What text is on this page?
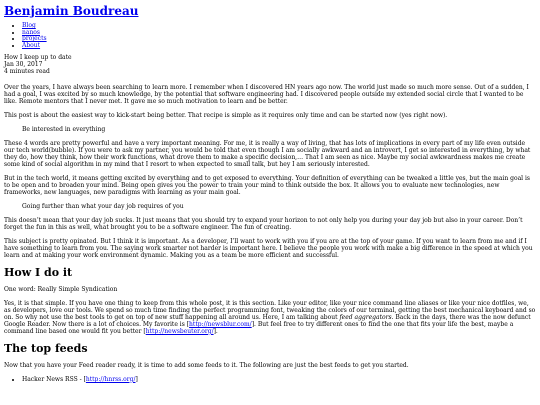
Benjamin Boudreau
• Blog
• nanos
• projects
• About
How I keep up to date
Jan 30, 2017
4 minutes read

Over the years, I have always been searching to learn more. I remember when I discovered HN years ago now. The world just made so much more sense. Out of a sudden, I had a goal, I was excited by so much knowledge, by the potential that software engineering had. I discovered people outside my extended social circle that I wanted to be like. Remote mentors that I never met. It gave me so much motivation to learn and be better.

This post is about the easiest way to kick-start being better. That recipe is simple as it requires only time and can be started now (yes right now).

Be interested in everything

These 4 words are pretty powerful and have a very important meaning. For me, it is really a way of living, that has lots of implications in every part of my life even outside our tech world(bubble). If you were to ask my partner, you would be told that even though I am socially awkward and an introvert, I get so interested in everything, by what they do, how they think, how their work functions, what drove them to make a specific decision,… That I am seen as nice. Maybe my social awkwardness makes me create some kind of social algorithm in my mind that I resort to when expected to small talk, but hey I am seriously interested.

But in the tech world, it means getting excited by everything and to get exposed to everything. Your definition of everything can be tweaked a little yes, but the main goal is to be open and to broaden your mind. Being open gives you the power to train your mind to think outside the box. It allows you to evaluate new technologies, new frameworks, new languages, new paradigms with learning as your main goal.

Going further than what your day job requires of you

This doesn’t mean that your day job sucks. It just means that you should try to expand your horizon to not only help you during your day job but also in your career. Don’t forget the fun in this as well, what brought you to be a software engineer. The fun of creating.

This subject is pretty opinated. But I think it is important. As a developer, I’ll want to work with you if you are at the top of your game. If you want to learn from me and if I have something to learn from you. The saying work smarter not harder is important here. I believe the people you work with make a big difference in the speed at which you learn and at making your work environment dynamic. Making you as a team be more efficient and successful.

How I do it

One word: Really Simple Syndication

Yes, it is that simple. If you have one thing to keep from this whole post, it is this section. Like your editor, like your nice command line aliases or like your nice dotfiles, we, as developers, love our tools. We spend so much time finding the perfect programming font, tweaking the colors of our terminal, getting the best mechanical keyboard and so on. So why not use the best tools to get on top of new stuff happening all around us. Here, I am talking about feed aggregators. Back in the days, there was the now defunct Google Reader. Now there is a lot of choices. My favorite is [http://newsblur.com/]. But feel free to try different ones to find the one that fits your life the best, maybe a command line based one would fit you better [http://newsbeuter.org/].

The top feeds

Now that you have your Feed reader ready, it is time to add some feeds to it. The following are just the best feeds to get you started.

• Hacker News RSS - [http://hnrss.org/]
